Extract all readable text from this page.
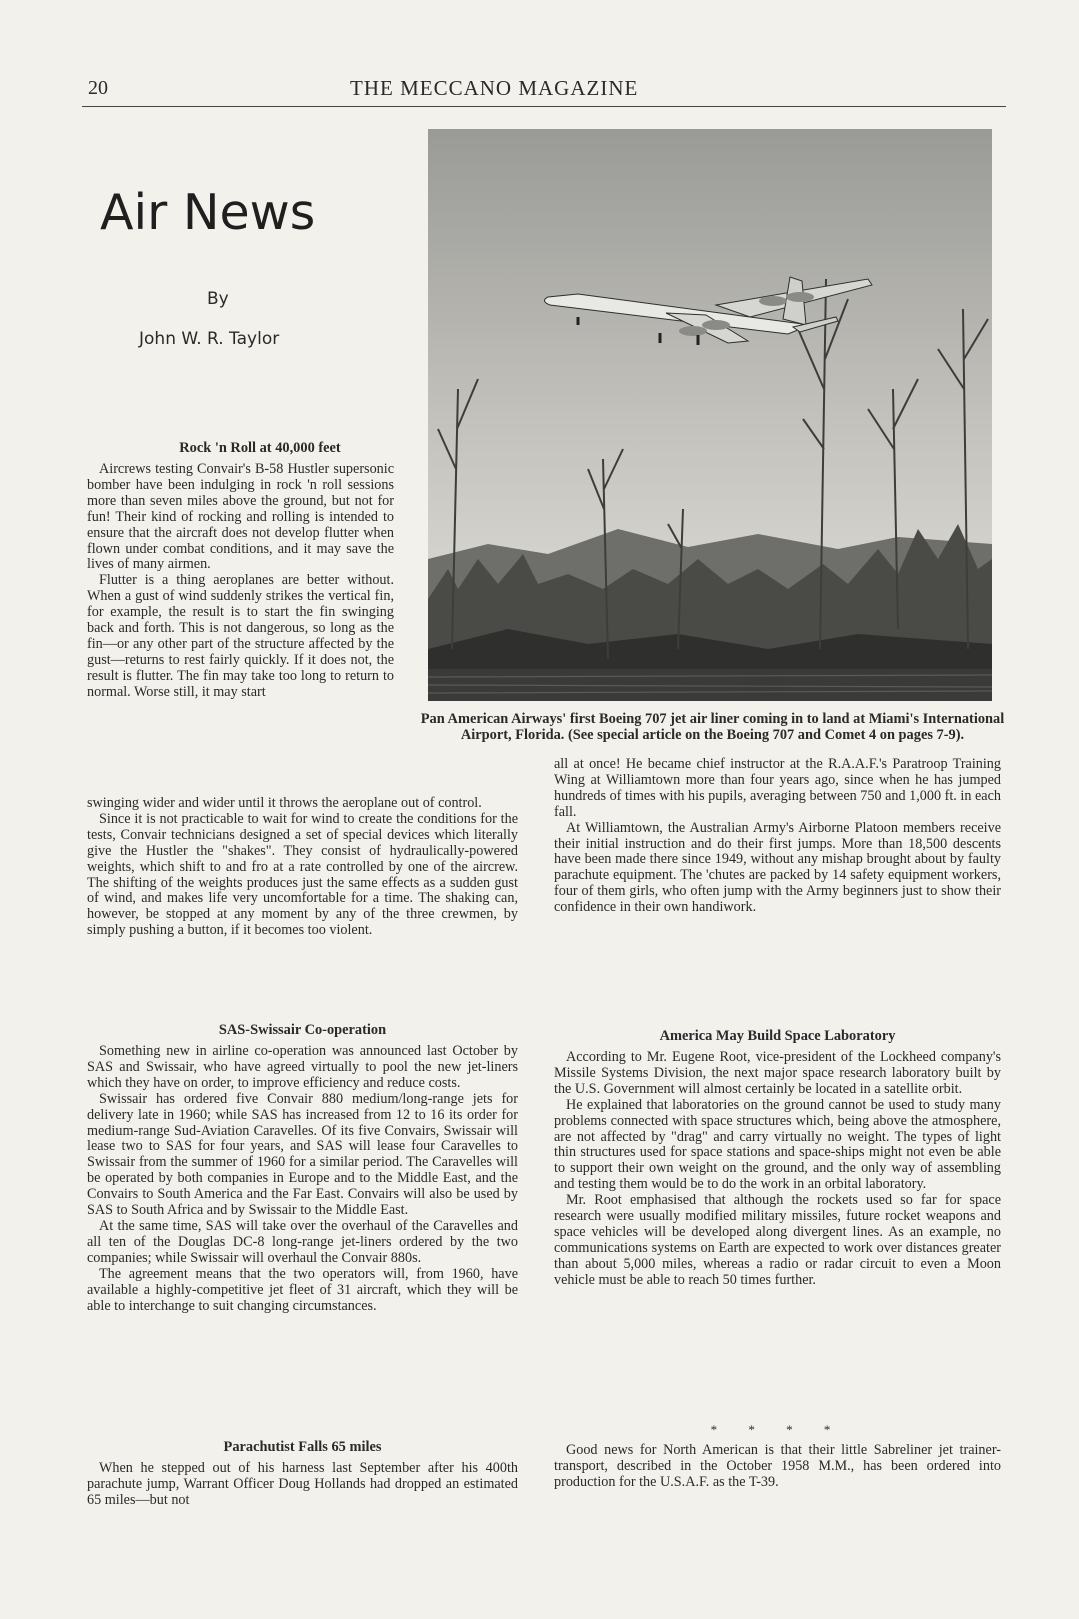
20	THE MECCANO MAGAZINE
Air News
By
John W. R. Taylor
Pan American Airways' first Boeing 707 jet air liner coming in to land at Miami's International Airport, Florida. (See special article on the Boeing 707 and Comet 4 on pages 7-9).
Rock 'n Roll at 40,000 feet

Aircrews testing Convair's B-58 Hustler supersonic bomber have been indulging in rock 'n roll sessions more than seven miles above the ground, but not for fun! Their kind of rocking and rolling is intended to ensure that the aircraft does not develop flutter when flown under combat conditions, and it may save the lives of many airmen.

Flutter is a thing aeroplanes are better without. When a gust of wind suddenly strikes the vertical fin, for example, the result is to start the fin swinging back and forth. This is not dangerous, so long as the fin—or any other part of the structure affected by the gust—returns to rest fairly quickly. If it does not, the result is flutter. The fin may take too long to return to normal. Worse still, it may start

swinging wider and wider until it throws the aeroplane out of control.

Since it is not practicable to wait for wind to create the conditions for the tests, Convair technicians designed a set of special devices which literally give the Hustler the "shakes". They consist of hydraulically-powered weights, which shift to and fro at a rate controlled by one of the aircrew. The shifting of the weights produces just the same effects as a sudden gust of wind, and makes life very uncomfortable for a time. The shaking can, however, be stopped at any moment by any of the three crewmen, by simply pushing a button, if it becomes too violent.

SAS-Swissair Co-operation

Something new in airline co-operation was announced last October by SAS and Swissair, who have agreed virtually to pool the new jet-liners which they have on order, to improve efficiency and reduce costs.

Swissair has ordered five Convair 880 medium/long-range jets for delivery late in 1960; while SAS has increased from 12 to 16 its order for medium-range Sud-Aviation Caravelles. Of its five Convairs, Swissair will lease two to SAS for four years, and SAS will lease four Caravelles to Swissair from the summer of 1960 for a similar period. The Caravelles will be operated by both companies in Europe and to the Middle East, and the Convairs to South America and the Far East. Convairs will also be used by SAS to South Africa and by Swissair to the Middle East.

At the same time, SAS will take over the overhaul of the Caravelles and all ten of the Douglas DC-8 long-range jet-liners ordered by the two companies; while Swissair will overhaul the Convair 880s.

The agreement means that the two operators will, from 1960, have available a highly-competitive jet fleet of 31 aircraft, which they will be able to interchange to suit changing circumstances.

Parachutist Falls 65 miles

When he stepped out of his harness last September after his 400th parachute jump, Warrant Officer Doug Hollands had dropped an estimated 65 miles—but not

all at once! He became chief instructor at the R.A.A.F.'s Paratroop Training Wing at Williamtown more than four years ago, since when he has jumped hundreds of times with his pupils, averaging between 750 and 1,000 ft. in each fall.

At Williamtown, the Australian Army's Airborne Platoon members receive their initial instruction and do their first jumps. More than 18,500 descents have been made there since 1949, without any mishap brought about by faulty parachute equipment. The 'chutes are packed by 14 safety equipment workers, four of them girls, who often jump with the Army beginners just to show their confidence in their own handiwork.

America May Build Space Laboratory

According to Mr. Eugene Root, vice-president of the Lockheed company's Missile Systems Division, the next major space research laboratory built by the U.S. Government will almost certainly be located in a satellite orbit.

He explained that laboratories on the ground cannot be used to study many problems connected with space structures which, being above the atmosphere, are not affected by "drag" and carry virtually no weight. The types of light thin structures used for space stations and space-ships might not even be able to support their own weight on the ground, and the only way of assembling and testing them would be to do the work in an orbital laboratory.

Mr. Root emphasised that although the rockets used so far for space research were usually modified military missiles, future rocket weapons and space vehicles will be developed along divergent lines. As an example, no communications systems on Earth are expected to work over distances greater than about 5,000 miles, whereas a radio or radar circuit to even a Moon vehicle must be able to reach 50 times further.

* * * *

Good news for North American is that their little Sabreliner jet trainer-transport, described in the October 1958 M.M., has been ordered into production for the U.S.A.F. as the T-39.
